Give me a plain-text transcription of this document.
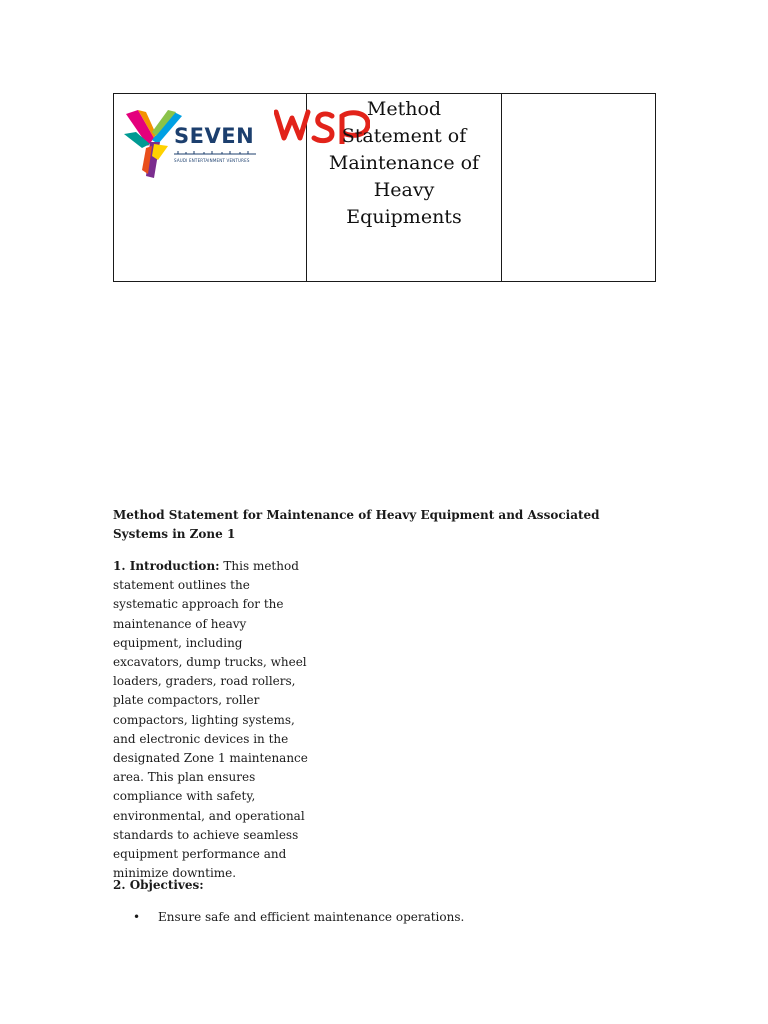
SEVEN
SAUDI ENTERTAINMENT VENTURES

Method
Statement of
Maintenance of
Heavy
Equipments

Method Statement for Maintenance of Heavy Equipment and Associated Systems in Zone 1

1. Introduction: This method statement outlines the systematic approach for the maintenance of heavy equipment, including excavators, dump trucks, wheel loaders, graders, road rollers, plate compactors, roller compactors, lighting systems, and electronic devices in the designated Zone 1 maintenance area. This plan ensures compliance with safety, environmental, and operational standards to achieve seamless equipment performance and minimize downtime.

2. Objectives:

• Ensure safe and efficient maintenance operations.
